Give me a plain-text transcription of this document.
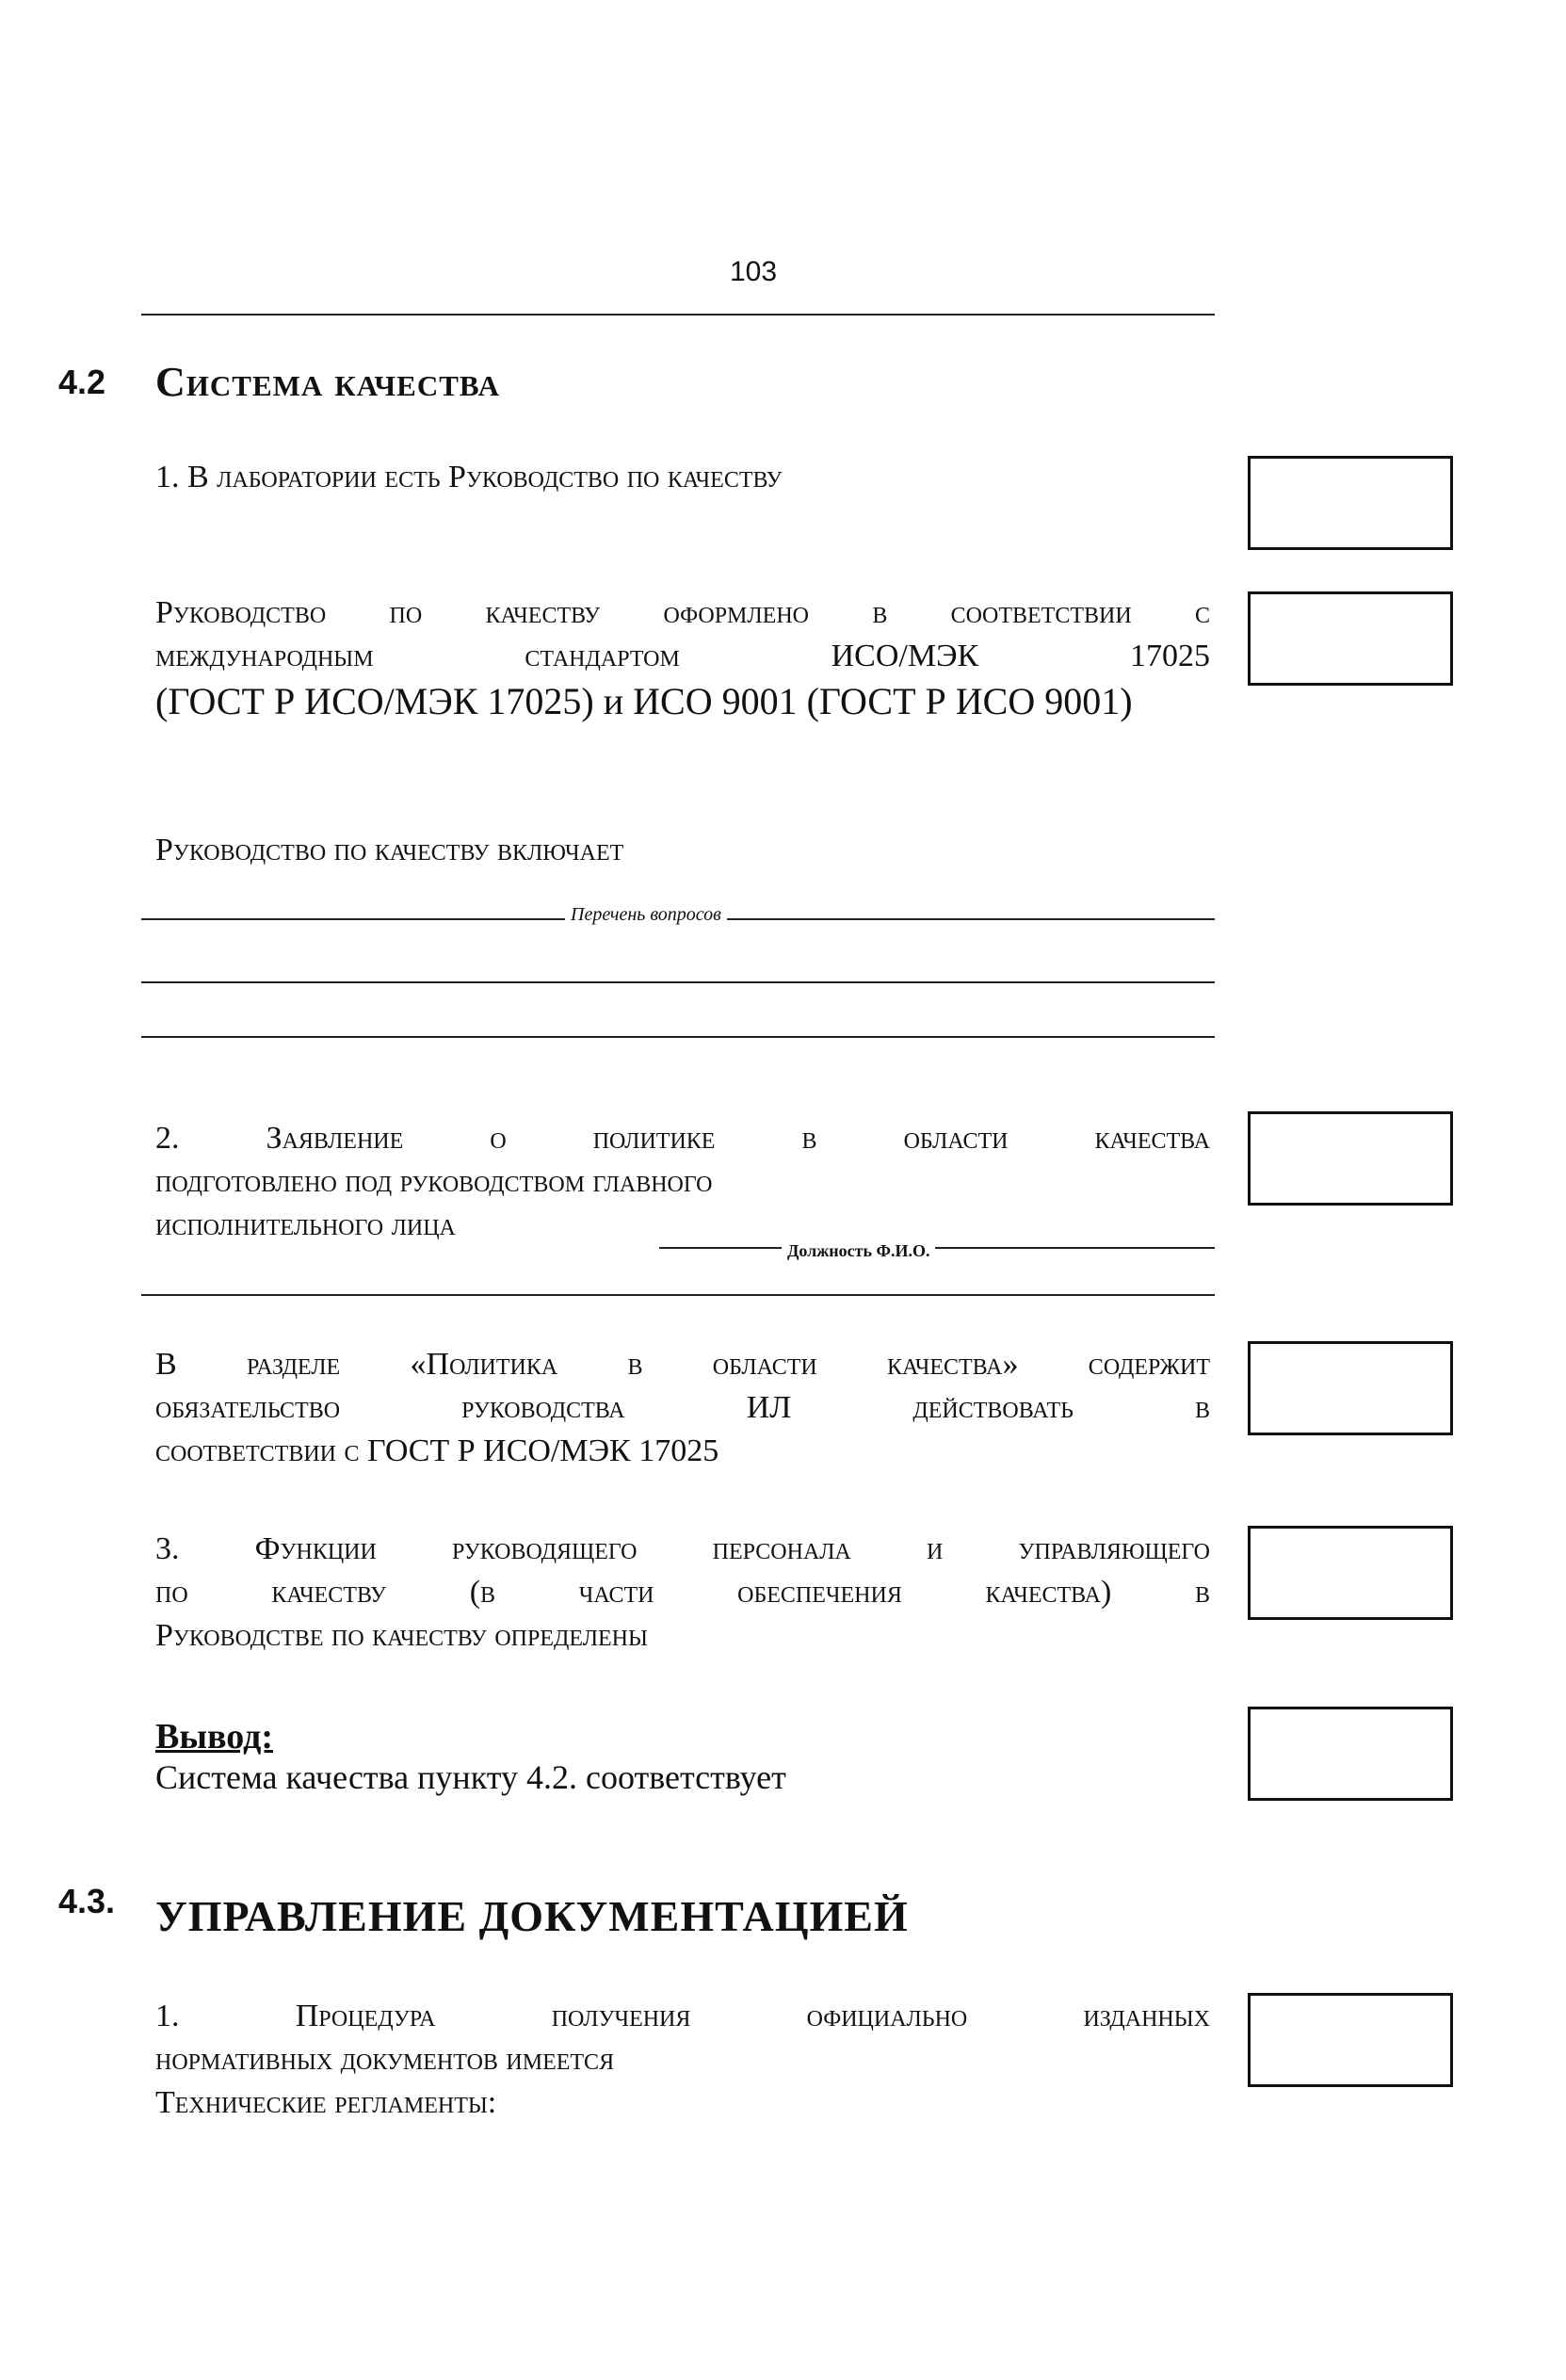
103
4.2 Система качества
1. В лаборатории есть Руководство по качеству
Руководство по качеству оформлено в соответствии с
международным стандартом ИСО/МЭК 17025
(ГОСТ Р ИСО/МЭК 17025) и ИСО 9001 (ГОСТ Р ИСО 9001)
Руководство по качеству включает
Перечень вопросов
2. Заявление о политике в области качества
подготовлено под руководством главного
исполнительного лица
Должность Ф.И.О.
В разделе «Политика в области качества» содержит
обязательство руководства ИЛ действовать в
соответствии с ГОСТ Р ИСО/МЭК 17025
3. Функции руководящего персонала и управляющего
по качеству (в части обеспечения качества) в
Руководстве по качеству определены
Вывод:
Система качества пункту 4.2. соответствует
4.3. УПРАВЛЕНИЕ ДОКУМЕНТАЦИЕЙ
1. Процедура получения официально изданных
нормативных документов имеется
Технические регламенты:
